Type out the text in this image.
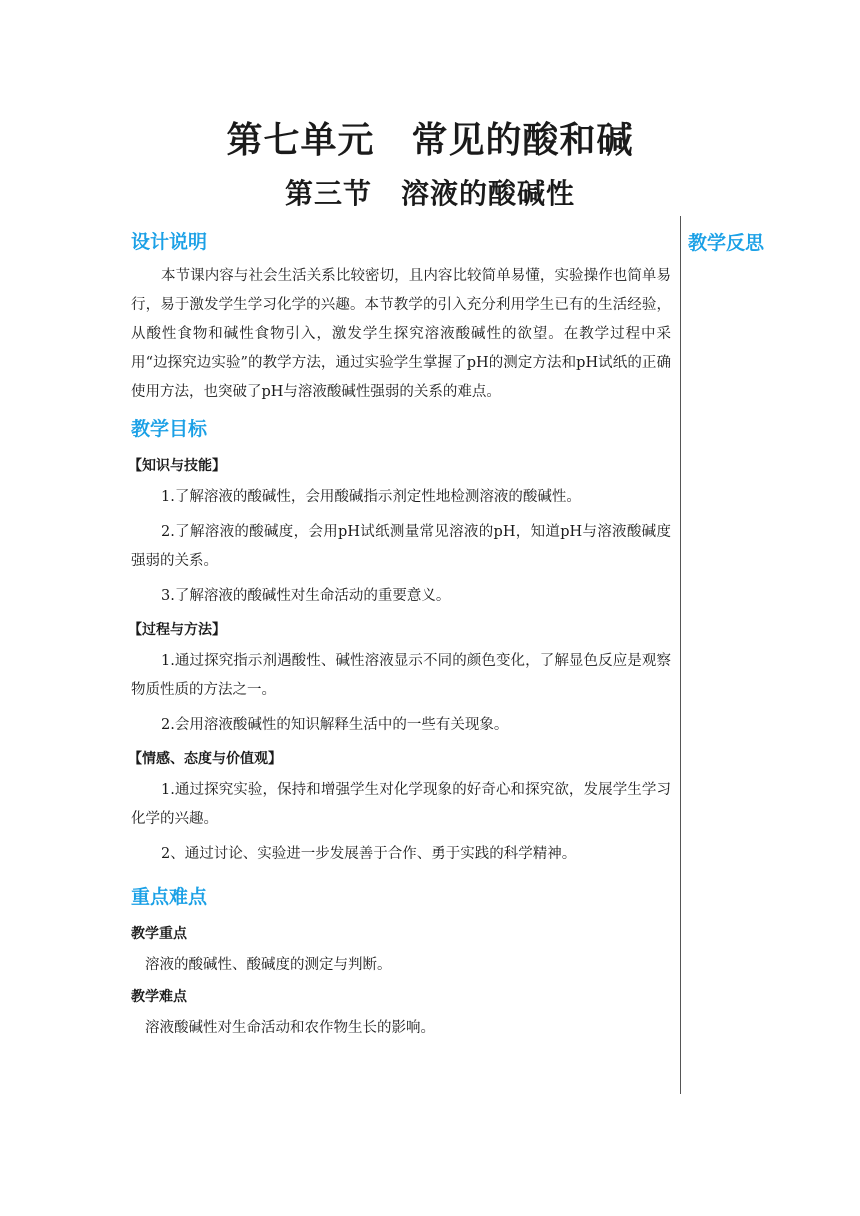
第七单元　常见的酸和碱
第三节　溶液的酸碱性
教学反思
设计说明

本节课内容与社会生活关系比较密切，且内容比较简单易懂，实验操作也简单易行，易于激发学生学习化学的兴趣。本节教学的引入充分利用学生已有的生活经验，从酸性食物和碱性食物引入，激发学生探究溶液酸碱性的欲望。在教学过程中采用“边探究边实验”的教学方法，通过实验学生掌握了pH的测定方法和pH试纸的正确使用方法，也突破了pH与溶液酸碱性强弱的关系的难点。

教学目标
【知识与技能】

1.了解溶液的酸碱性，会用酸碱指示剂定性地检测溶液的酸碱性。

2.了解溶液的酸碱度，会用pH试纸测量常见溶液的pH，知道pH与溶液酸碱度强弱的关系。

3.了解溶液的酸碱性对生命活动的重要意义。

【过程与方法】

1.通过探究指示剂遇酸性、碱性溶液显示不同的颜色变化，了解显色反应是观察物质性质的方法之一。

2.会用溶液酸碱性的知识解释生活中的一些有关现象。

【情感、态度与价值观】

1.通过探究实验，保持和增强学生对化学现象的好奇心和探究欲，发展学生学习化学的兴趣。

2、通过讨论、实验进一步发展善于合作、勇于实践的科学精神。

重点难点
教学重点

溶液的酸碱性、酸碱度的测定与判断。

教学难点

溶液酸碱性对生命活动和农作物生长的影响。
